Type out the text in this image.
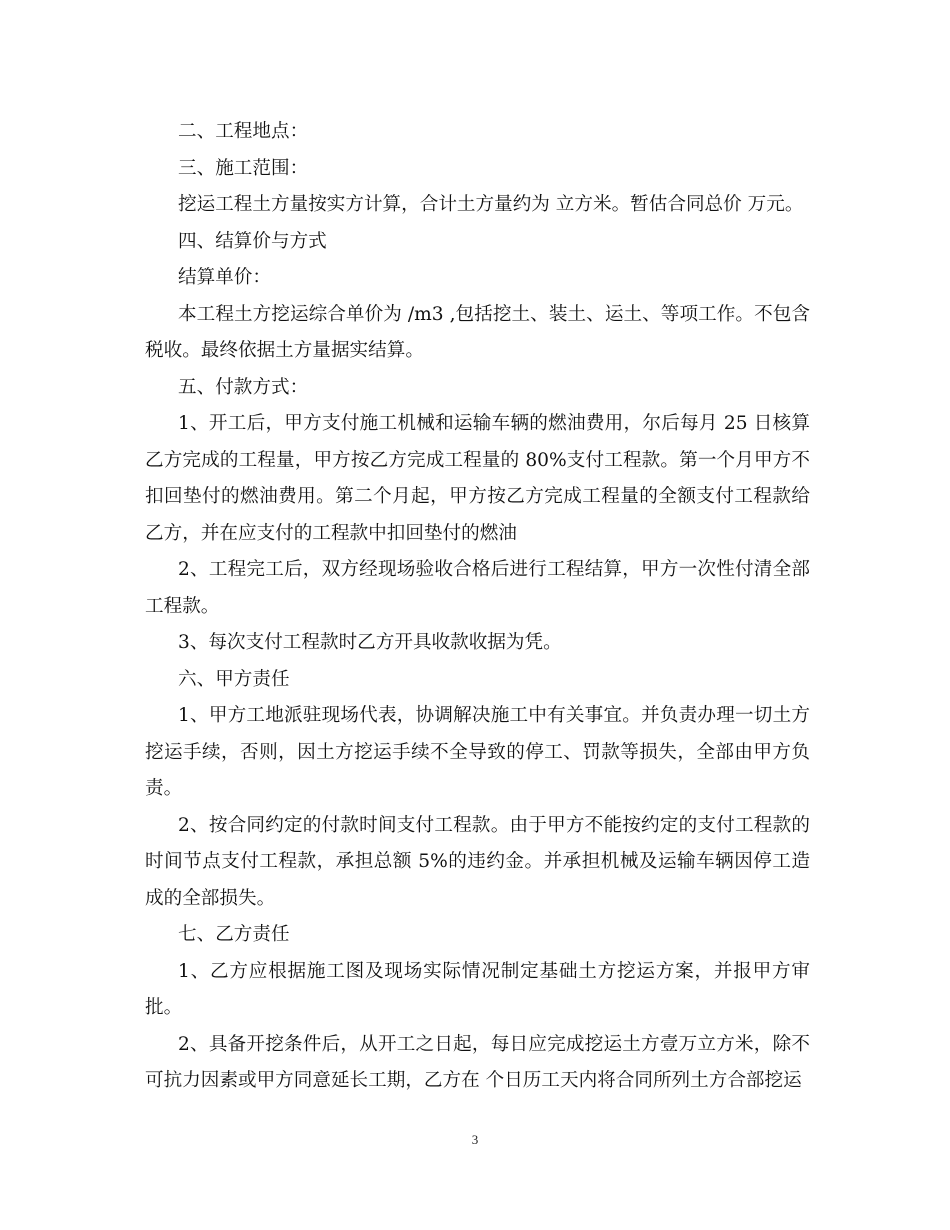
二、工程地点：

三、施工范围：

挖运工程土方量按实方计算，合计土方量约为 立方米。暂估合同总价 万元。

四、结算价与方式

结算单价：

本工程土方挖运综合单价为 /m3 ,包括挖土、装土、运土、等项工作。不包含税收。最终依据土方量据实结算。

五、付款方式：

1、开工后，甲方支付施工机械和运输车辆的燃油费用，尔后每月 25 日核算乙方完成的工程量，甲方按乙方完成工程量的 80%支付工程款。第一个月甲方不扣回垫付的燃油费用。第二个月起，甲方按乙方完成工程量的全额支付工程款给乙方，并在应支付的工程款中扣回垫付的燃油

2、工程完工后，双方经现场验收合格后进行工程结算，甲方一次性付清全部工程款。

3、每次支付工程款时乙方开具收款收据为凭。

六、甲方责任

1、甲方工地派驻现场代表，协调解决施工中有关事宜。并负责办理一切土方挖运手续，否则，因土方挖运手续不全导致的停工、罚款等损失，全部由甲方负责。

2、按合同约定的付款时间支付工程款。由于甲方不能按约定的支付工程款的时间节点支付工程款，承担总额 5%的违约金。并承担机械及运输车辆因停工造成的全部损失。

七、乙方责任

1、乙方应根据施工图及现场实际情况制定基础土方挖运方案，并报甲方审批。

2、具备开挖条件后，从开工之日起，每日应完成挖运土方壹万立方米，除不可抗力因素或甲方同意延长工期，乙方在 个日历工天内将合同所列土方合部挖运

3
